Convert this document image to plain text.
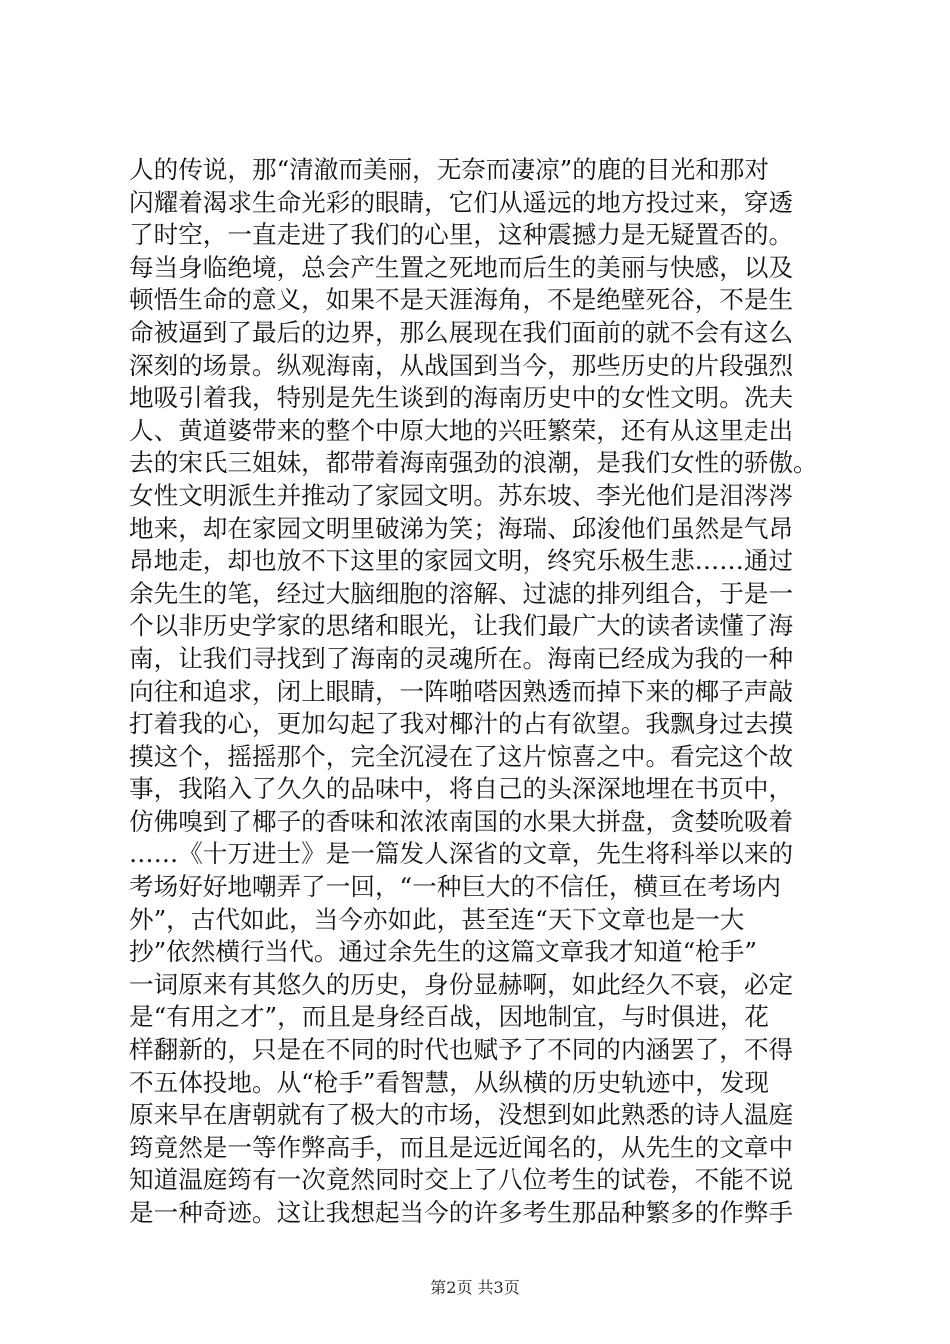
人的传说，那“清澈而美丽，无奈而凄凉”的鹿的目光和那对
闪耀着渴求生命光彩的眼睛，它们从遥远的地方投过来，穿透
了时空，一直走进了我们的心里，这种震撼力是无疑置否的。
每当身临绝境，总会产生置之死地而后生的美丽与快感，以及
顿悟生命的意义，如果不是天涯海角，不是绝壁死谷，不是生
命被逼到了最后的边界，那么展现在我们面前的就不会有这么
深刻的场景。纵观海南，从战国到当今，那些历史的片段强烈
地吸引着我，特别是先生谈到的海南历史中的女性文明。冼夫
人、黄道婆带来的整个中原大地的兴旺繁荣，还有从这里走出
去的宋氏三姐妹，都带着海南强劲的浪潮，是我们女性的骄傲。
女性文明派生并推动了家园文明。苏东坡、李光他们是泪涔涔
地来，却在家园文明里破涕为笑；海瑞、邱浚他们虽然是气昂
昂地走，却也放不下这里的家园文明，终究乐极生悲……通过
余先生的笔，经过大脑细胞的溶解、过滤的排列组合，于是一
个以非历史学家的思绪和眼光，让我们最广大的读者读懂了海
南，让我们寻找到了海南的灵魂所在。海南已经成为我的一种
向往和追求，闭上眼睛，一阵啪嗒因熟透而掉下来的椰子声敲
打着我的心，更加勾起了我对椰汁的占有欲望。我飘身过去摸
摸这个，摇摇那个，完全沉浸在了这片惊喜之中。看完这个故
事，我陷入了久久的品味中，将自己的头深深地埋在书页中，
仿佛嗅到了椰子的香味和浓浓南国的水果大拼盘，贪婪吮吸着
……《十万进士》是一篇发人深省的文章，先生将科举以来的
考场好好地嘲弄了一回，“一种巨大的不信任，横亘在考场内
外”，古代如此，当今亦如此，甚至连“天下文章也是一大
抄”依然横行当代。通过余先生的这篇文章我才知道“枪手”
一词原来有其悠久的历史，身份显赫啊，如此经久不衰，必定
是“有用之才”，而且是身经百战，因地制宜，与时俱进，花
样翻新的，只是在不同的时代也赋予了不同的内涵罢了，不得
不五体投地。从“枪手”看智慧，从纵横的历史轨迹中，发现
原来早在唐朝就有了极大的市场，没想到如此熟悉的诗人温庭
筠竟然是一等作弊高手，而且是远近闻名的，从先生的文章中
知道温庭筠有一次竟然同时交上了八位考生的试卷，不能不说
是一种奇迹。这让我想起当今的许多考生那品种繁多的作弊手
第2页 共3页
